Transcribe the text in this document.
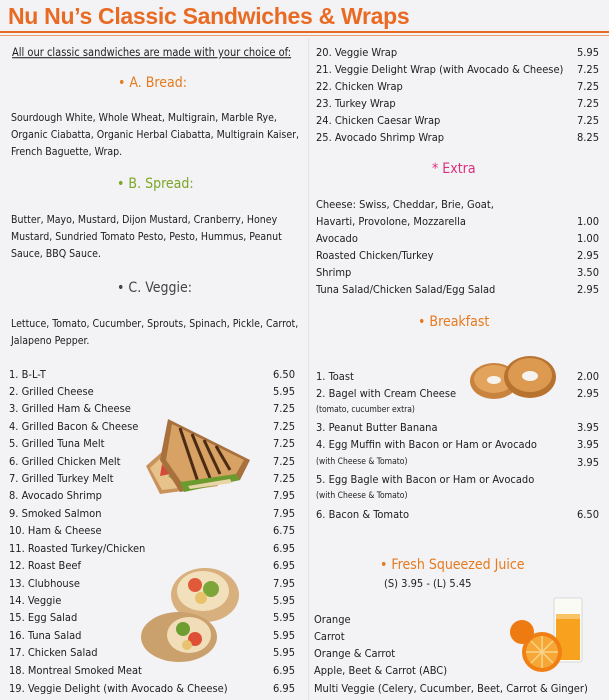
Nu Nu’s Classic Sandwiches & Wraps
All our classic sandwiches are made with your choice of:
• A. Bread:
Sourdough White, Whole Wheat, Multigrain, Marble Rye, Organic Ciabatta, Organic Herbal Ciabatta, Multigrain Kaiser, French Baguette, Wrap.
• B. Spread:
Butter, Mayo, Mustard, Dijon Mustard, Cranberry, Honey Mustard, Sundried Tomato Pesto, Pesto, Hummus, Peanut Sauce, BBQ Sauce.
• C. Veggie:
Lettuce, Tomato, Cucumber, Sprouts, Spinach, Pickle, Carrot, Jalapeno Pepper.
1. B-L-T	6.50
2. Grilled Cheese	5.95
3. Grilled Ham & Cheese	7.25
4. Grilled Bacon & Cheese	7.25
5. Grilled Tuna Melt	7.25
6. Grilled Chicken Melt	7.25
7. Grilled Turkey Melt	7.25
8. Avocado Shrimp	7.95
9. Smoked Salmon	7.95
10. Ham & Cheese	6.75
11. Roasted Turkey/Chicken	6.95
12. Roast Beef	6.95
13. Clubhouse	7.95
14. Veggie	5.95
15. Egg Salad	5.95
16. Tuna Salad	5.95
17. Chicken Salad	5.95
18. Montreal Smoked Meat	6.95
19. Veggie Delight (with Avocado & Cheese)	6.95
20. Veggie Wrap	5.95
21. Veggie Delight Wrap (with Avocado & Cheese) 7.25
22. Chicken Wrap	7.25
23. Turkey Wrap	7.25
24. Chicken Caesar Wrap	7.25
25. Avocado Shrimp Wrap	8.25
* Extra
Cheese: Swiss, Cheddar, Brie, Goat,
Havarti, Provolone, Mozzarella	1.00
Avocado	1.00
Roasted Chicken/Turkey	2.95
Shrimp	3.50
Tuna Salad/Chicken Salad/Egg Salad	2.95
• Breakfast
1. Toast	2.00
2. Bagel with Cream Cheese	2.95
(tomato, cucumber extra)
3. Peanut Butter Banana	3.95
4. Egg Muffin with Bacon or Ham or Avocado	3.95
(with Cheese & Tomato)
5. Egg Bagle with Bacon or Ham or Avocado
3.95
(with Cheese & Tomato)
6. Bacon & Tomato	6.50
• Fresh Squeezed Juice
(S) 3.95 - (L) 5.45
Orange
Carrot
Orange & Carrot
Apple, Beet & Carrot (ABC)
Multi Veggie (Celery, Cucumber, Beet, Carrot & Ginger)
